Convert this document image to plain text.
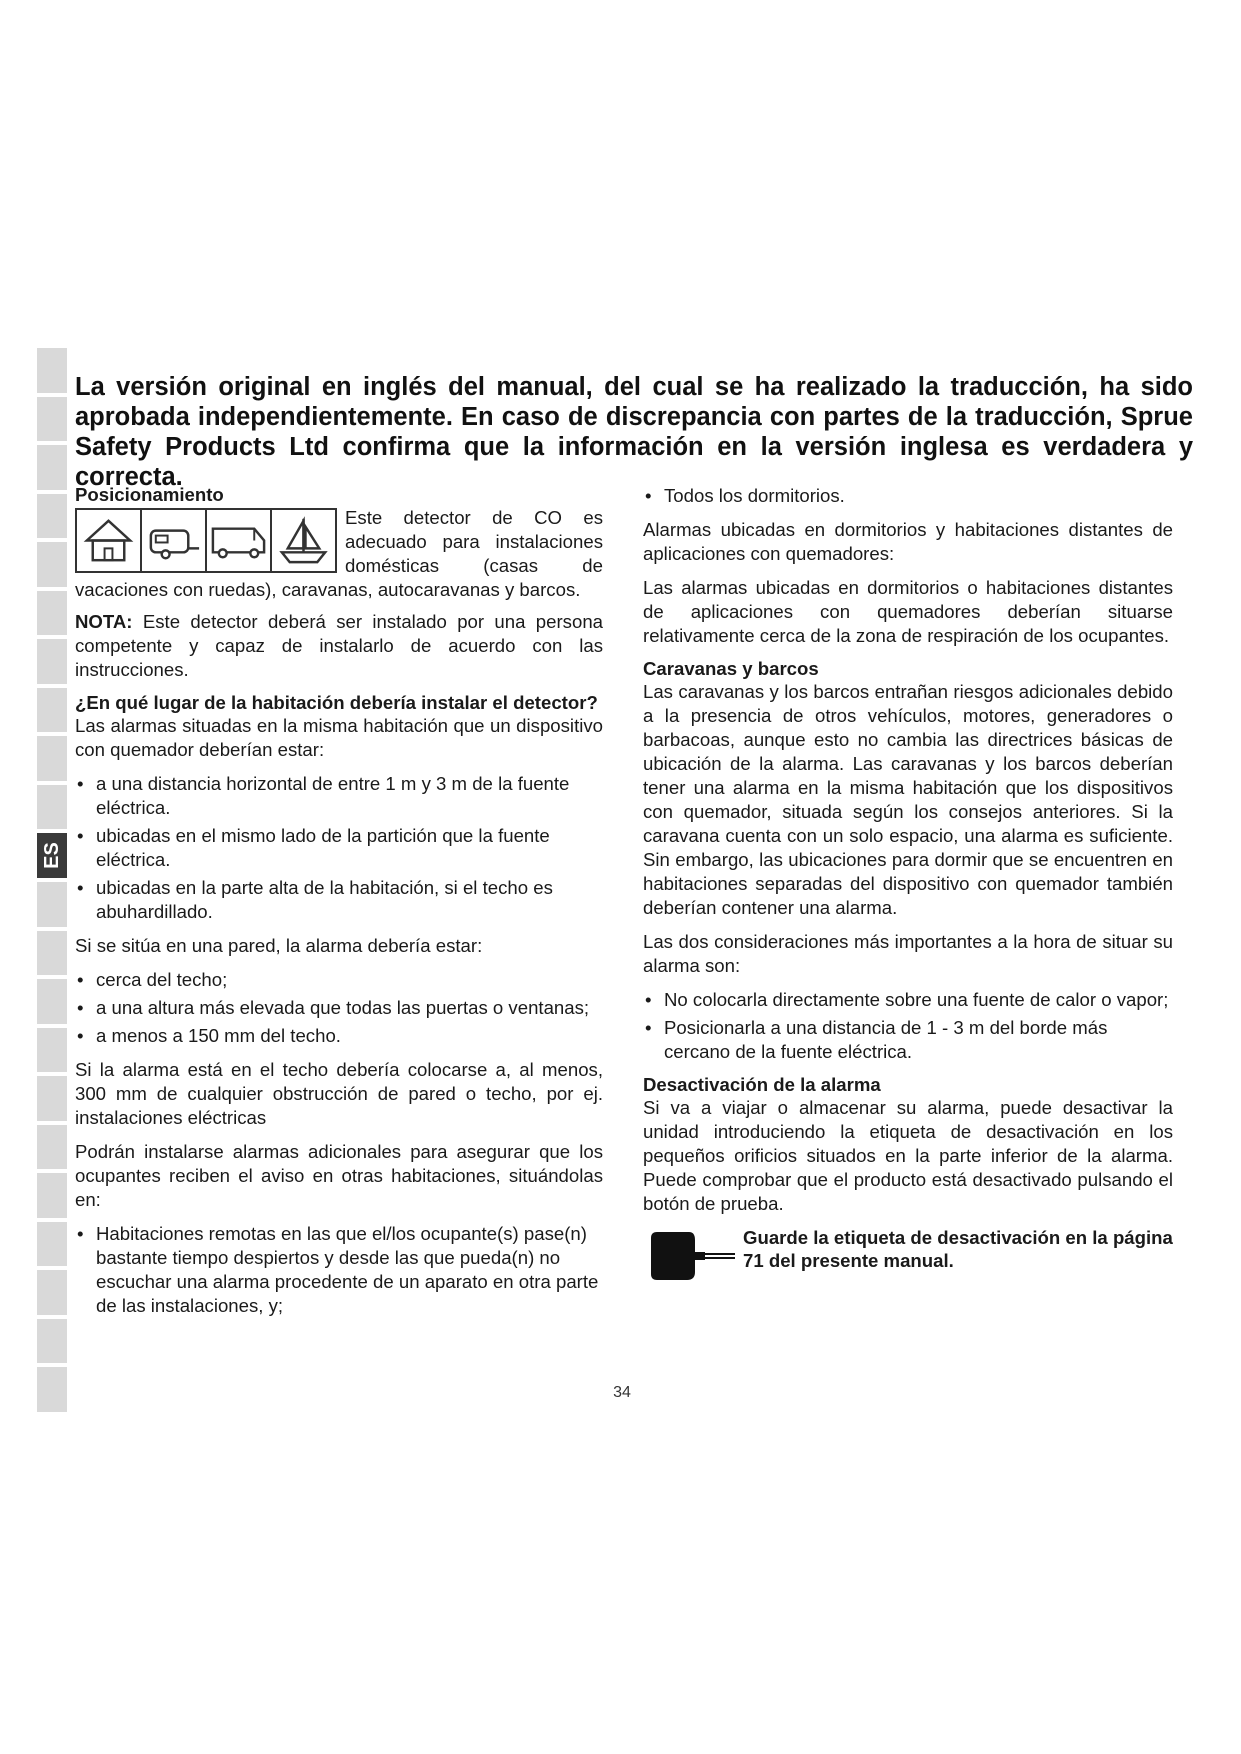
ES
La versión original en inglés del manual, del cual se ha realizado la traducción, ha sido aprobada independientemente. En caso de discrepancia con partes de la traducción, Sprue Safety Products Ltd confirma que la información en la versión inglesa es verdadera y correcta.
Posicionamiento

Este detector de CO es adecuado para instalaciones domésticas (casas de vacaciones con ruedas), caravanas, autocaravanas y barcos.

NOTA: Este detector deberá ser instalado por una persona competente y capaz de instalarlo de acuerdo con las instrucciones.

¿En qué lugar de la habitación debería instalar el detector?

Las alarmas situadas en la misma habitación que un dispositivo con quemador deberían estar:

• a una distancia horizontal de entre 1 m y 3 m de la fuente eléctrica.
• ubicadas en el mismo lado de la partición que la fuente eléctrica.
• ubicadas en la parte alta de la habitación, si el techo es abuhardillado.

Si se sitúa en una pared, la alarma debería estar:

• cerca del techo;
• a una altura más elevada que todas las puertas o ventanas;
• a menos a 150 mm del techo.

Si la alarma está en el techo debería colocarse a, al menos, 300 mm de cualquier obstrucción de pared o techo, por ej. instalaciones eléctricas

Podrán instalarse alarmas adicionales para asegurar que los ocupantes reciben el aviso en otras habitaciones, situándolas en:

• Habitaciones remotas en las que el/los ocupante(s) pase(n) bastante tiempo despiertos y desde las que pueda(n) no escuchar una alarma procedente de un aparato en otra parte de las instalaciones, y;
• Todos los dormitorios.

Alarmas ubicadas en dormitorios y habitaciones distantes de aplicaciones con quemadores:

Las alarmas ubicadas en dormitorios o habitaciones distantes de aplicaciones con quemadores deberían situarse relativamente cerca de la zona de respiración de los ocupantes.

Caravanas y barcos

Las caravanas y los barcos entrañan riesgos adicionales debido a la presencia de otros vehículos, motores, generadores o barbacoas, aunque esto no cambia las directrices básicas de ubicación de la alarma. Las caravanas y los barcos deberían tener una alarma en la misma habitación que los dispositivos con quemador, situada según los consejos anteriores. Si la caravana cuenta con un solo espacio, una alarma es suficiente. Sin embargo, las ubicaciones para dormir que se encuentren en habitaciones separadas del dispositivo con quemador también deberían contener una alarma.

Las dos consideraciones más importantes a la hora de situar su alarma son:

• No colocarla directamente sobre una fuente de calor o vapor;
• Posicionarla a una distancia de 1 - 3 m del borde más cercano de la fuente eléctrica.
Desactivación de la alarma

Si va a viajar o almacenar su alarma, puede desactivar la unidad introduciendo la etiqueta de desactivación en los pequeños orificios situados en la parte inferior de la alarma. Puede comprobar que el producto está desactivado pulsando el botón de prueba.

Guarde la etiqueta de desactivación en la página 71 del presente manual.
34
